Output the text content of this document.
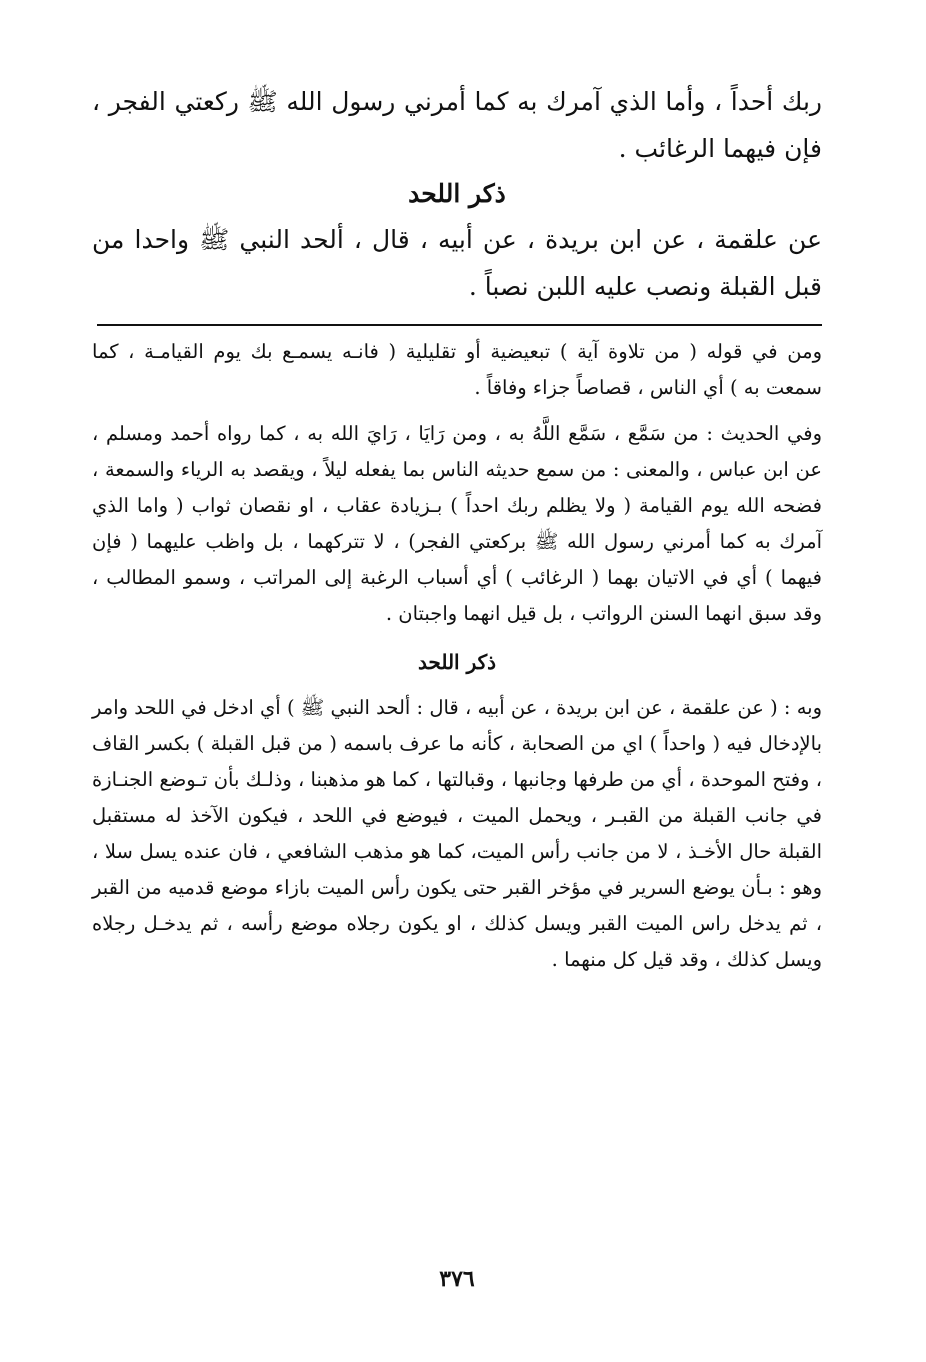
ربك أحداً ، وأما الذي آمرك به كما أمرني رسول الله ﷺ ركعتي الفجر ، فإن فيهما الرغائب .

ذكر اللحد

عن علقمة ، عن ابن بريدة ، عن أبيه ، قال ، ألحد النبي ﷺ واحدا من قبل القبلة ونصب عليه اللبن نصباً .

ومن في قوله ( من تلاوة آية ) تبعيضية أو تقليلية ( فانـه يسمـع بك يوم القيامـة ، كما سمعت به ) أي الناس ، قصاصاً جزاء وفاقاً .

وفي الحديث : من سَمَّع ، سَمَّع اللَّهُ به ، ومن رَايَا ، رَايَ الله به ، كما رواه أحمد ومسلم ، عن ابن عباس ، والمعنى : من سمع حديثه الناس بما يفعله ليلاً ، ويقصد به الرياء والسمعة ، فضحه الله يوم القيامة ( ولا يظلم ربك احداً ) بـزيادة عقاب ، او نقصان ثواب ( واما الذي آمرك به كما أمرني رسول الله ﷺ بركعتي الفجر) ، لا تتركهما ، بل واظب عليهما ( فإن فيهما ) أي في الاتيان بهما ( الرغائب ) أي أسباب الرغبة إلى المراتب ، وسمو المطالب ، وقد سبق انهما السنن الرواتب ، بل قيل انهما واجبتان .

ذكر اللحد

وبه : ( عن علقمة ، عن ابن بريدة ، عن أبيه ، قال : ألحد النبي ﷺ ) أي ادخل في اللحد وامر بالإدخال فيه ( واحداً ) اي من الصحابة ، كأنه ما عرف باسمه ( من قبل القبلة ) بكسر القاف ، وفتح الموحدة ، أي من طرفها وجانبها ، وقبالتها ، كما هو مذهبنا ، وذلـك بأن تـوضع الجنـازة في جانب القبلة من القبـر ، ويحمل الميت ، فيوضع في اللحد ، فيكون الآخذ له مستقبل القبلة حال الأخـذ ، لا من جانب رأس الميت، كما هو مذهب الشافعي ، فان عنده يسل سلا ، وهو : بـأن يوضع السرير في مؤخر القبر حتى يكون رأس الميت بازاء موضع قدميه من القبر ، ثم يدخل راس الميت القبر ويسل كذلك ، او يكون رجلاه موضع رأسه ، ثم يدخـل رجلاه ويسل كذلك ، وقد قيل كل منهما .

٣٧٦
